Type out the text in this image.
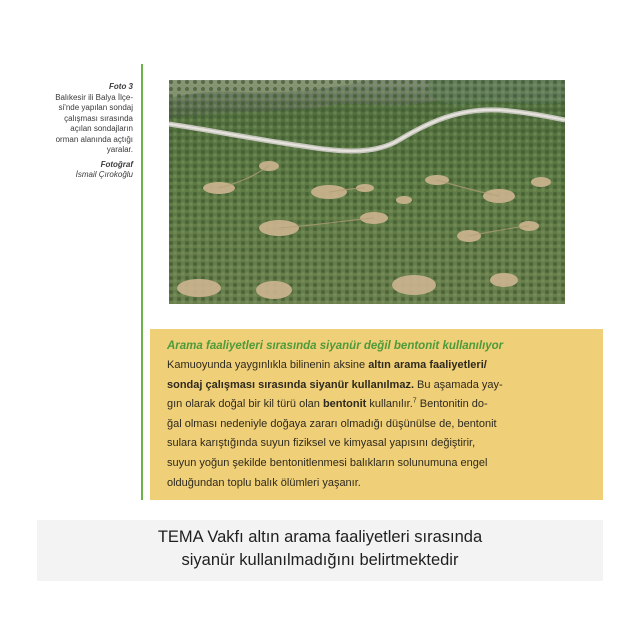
Foto 3
Balıkesir ili Balya İlçe-
si'nde yapılan sondaj
çalışması sırasında
açılan sondajların
orman alanında açtığı
yaralar.
Fotoğraf
İsmail Çırokoğlu
Arama faaliyetleri sırasında siyanür değil bentonit kullanılıyor

Kamuoyunda yaygınlıkla bilinenin aksine altın arama faaliyetleri/

sondaj çalışması sırasında siyanür kullanılmaz. Bu aşamada yay-

gın olarak doğal bir kil türü olan bentonit kullanılır.$^7$ Bentonitin do-

ğal olması nedeniyle doğaya zararı olmadığı düşünülse de, bentonit

sulara karıştığında suyun fiziksel ve kimyasal yapısını değiştirir,

suyun yoğun şekilde bentonitlenmesi balıkların solunumuna engel

olduğundan toplu balık ölümleri yaşanır.

TEMA Vakfı altın arama faaliyetleri sırasında

siyanür kullanılmadığını belirtmektedir
